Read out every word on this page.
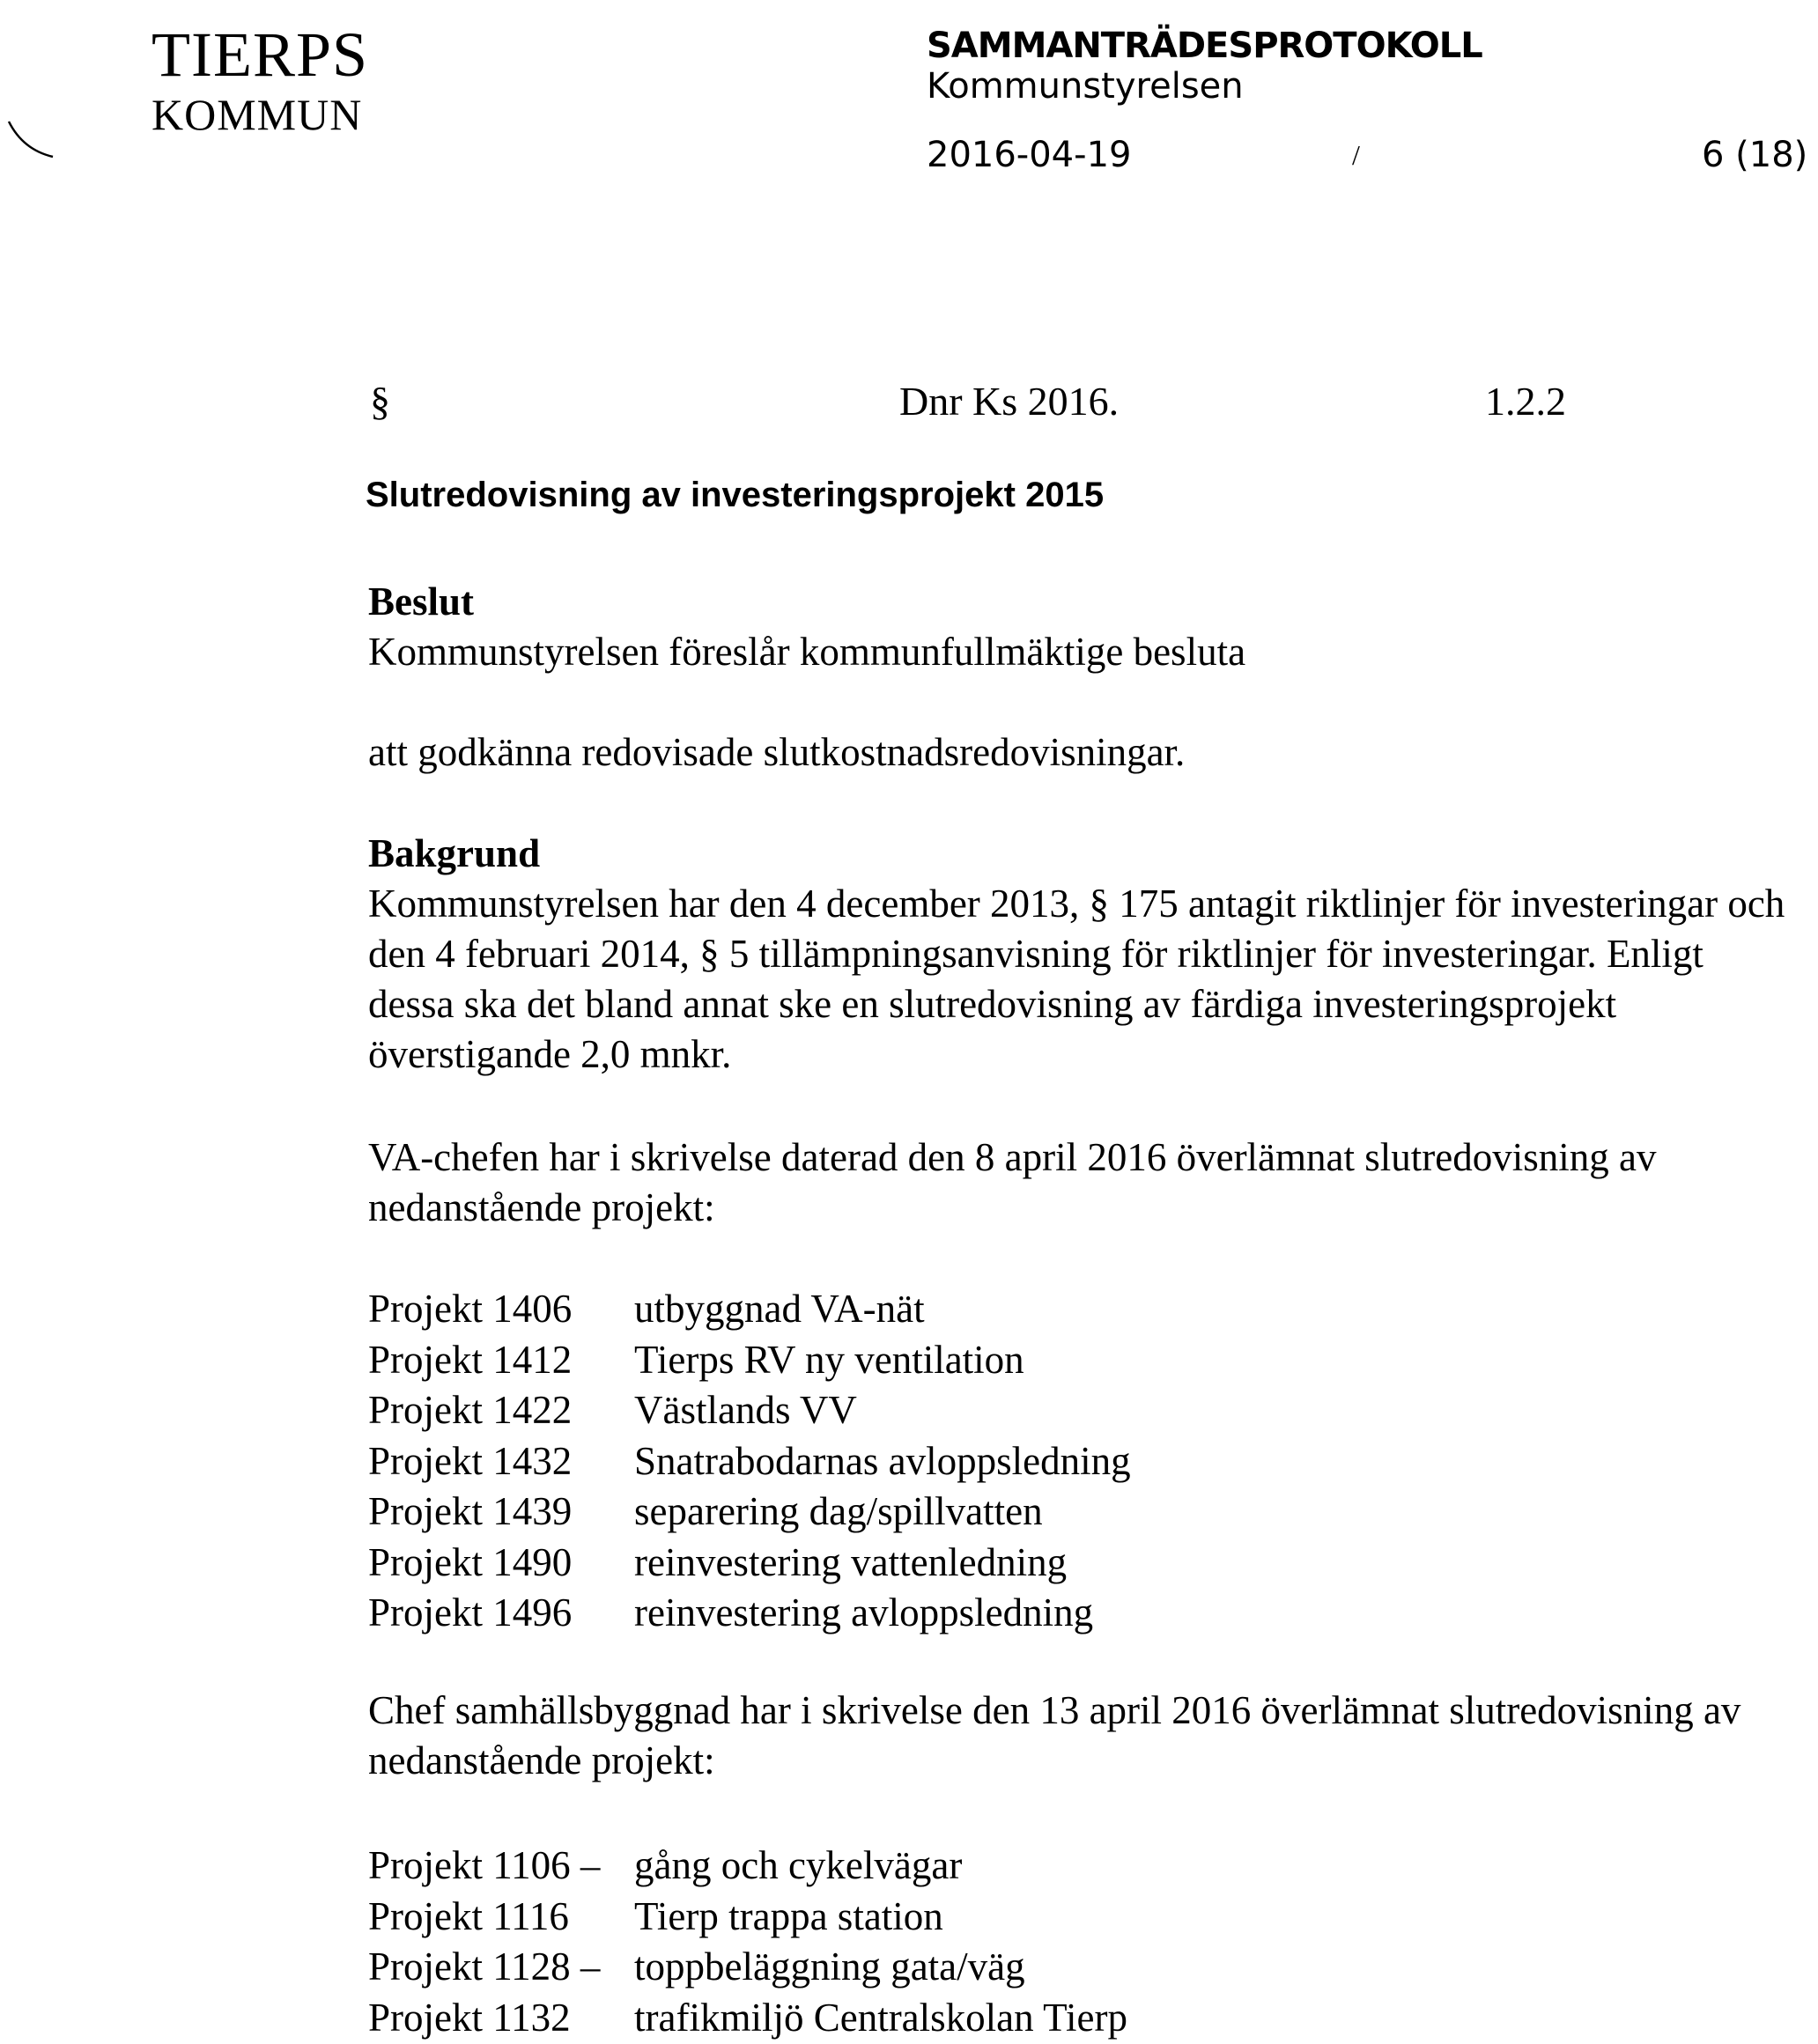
TIERPS
KOMMUN
SAMMANTRÄDESPROTOKOLL
Kommunstyrelsen
2016-04-19	/	6 (18)
§	Dnr Ks 2016.	1.2.2
Slutredovisning av investeringsprojekt 2015
Beslut

Kommunstyrelsen föreslår kommunfullmäktige besluta

att godkänna redovisade slutkostnadsredovisningar.

Bakgrund

Kommunstyrelsen har den 4 december 2013, § 175 antagit riktlinjer för investeringar och den 4 februari 2014, § 5 tillämpningsanvisning för riktlinjer för investeringar. Enligt dessa ska det bland annat ske en slutredovisning av färdiga investeringsprojekt överstigande 2,0 mnkr.

VA-chefen har i skrivelse daterad den 8 april 2016 överlämnat slutredovisning av nedanstående projekt:

Projekt 1406	utbyggnad VA-nät
Projekt 1412	Tierps RV ny ventilation
Projekt 1422	Västlands VV
Projekt 1432	Snatrabodarnas avloppsledning
Projekt 1439	separering dag/spillvatten
Projekt 1490	reinvestering vattenledning
Projekt 1496	reinvestering avloppsledning

Chef samhällsbyggnad har i skrivelse den 13 april 2016 överlämnat slutredovisning av nedanstående projekt:

Projekt 1106 – gång och cykelvägar
Projekt 1116	Tierp trappa station
Projekt 1128 – toppbeläggning gata/väg
Projekt 1132	trafikmiljö Centralskolan Tierp
